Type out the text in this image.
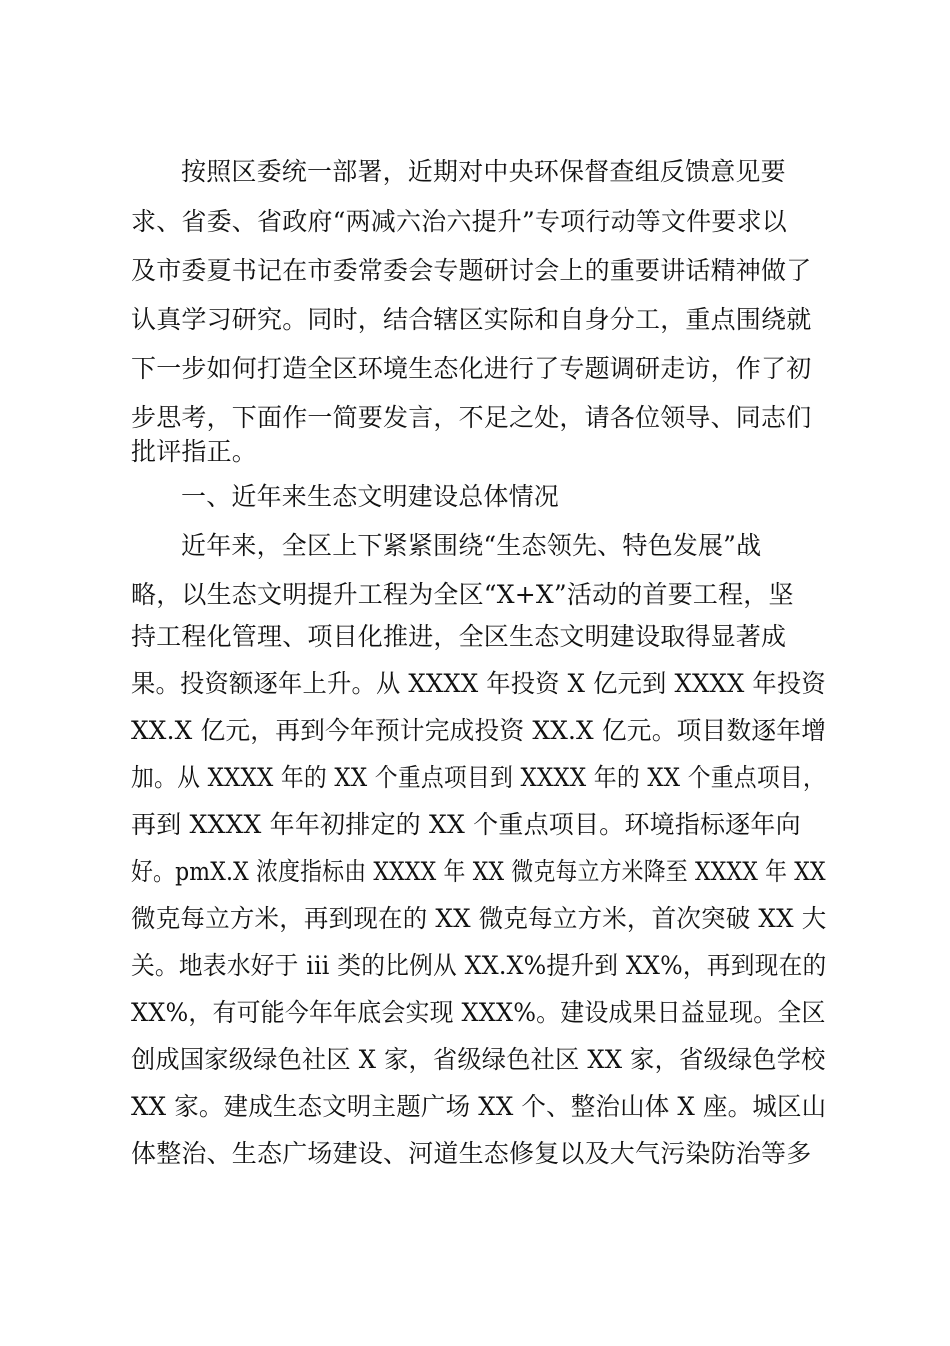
按照区委统一部署，近期对中央环保督查组反馈意见要
求、省委、省政府“两减六治六提升”专项行动等文件要求以
及市委夏书记在市委常委会专题研讨会上的重要讲话精神做了
认真学习研究。同时，结合辖区实际和自身分工，重点围绕就
下一步如何打造全区环境生态化进行了专题调研走访，作了初
步思考，下面作一简要发言，不足之处，请各位领导、同志们
批评指正。
一、近年来生态文明建设总体情况
近年来，全区上下紧紧围绕“生态领先、特色发展”战
略，以生态文明提升工程为全区“X+X”活动的首要工程，坚
持工程化管理、项目化推进，全区生态文明建设取得显著成
果。投资额逐年上升。从 XXXX 年投资 X 亿元到 XXXX 年投资
XX.X 亿元，再到今年预计完成投资 XX.X 亿元。项目数逐年增
加。从 XXXX 年的 XX 个重点项目到 XXXX 年的 XX 个重点项目，
再到 XXXX 年年初排定的 XX 个重点项目。环境指标逐年向
好。pmX.X 浓度指标由 XXXX 年 XX 微克每立方米降至 XXXX 年 XX
微克每立方米，再到现在的 XX 微克每立方米，首次突破 XX 大
关。地表水好于 iii 类的比例从 XX.X%提升到 XX%，再到现在的
XX%，有可能今年年底会实现 XXX%。建设成果日益显现。全区
创成国家级绿色社区 X 家，省级绿色社区 XX 家，省级绿色学校
XX 家。建成生态文明主题广场 XX 个、整治山体 X 座。城区山
体整治、生态广场建设、河道生态修复以及大气污染防治等多
